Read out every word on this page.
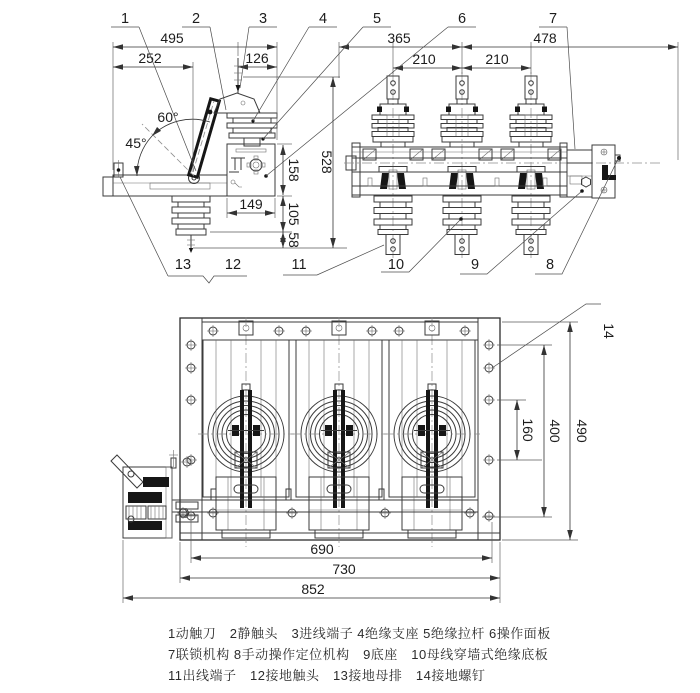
495
252	126
60°
45°
149
158
105
58
528
365	478
210	210
1	2	3	4	5	6	7
13 12	11	10	9	8
14
160 400 490
690
730
852
1动触刀　2静触头　3进线端子 4绝缘支座 5绝缘拉杆 6操作面板
7联锁机构 8手动操作定位机构　9底座　10母线穿墙式绝缘底板
11出线端子　12接地触头　13接地母排　14接地螺钉
